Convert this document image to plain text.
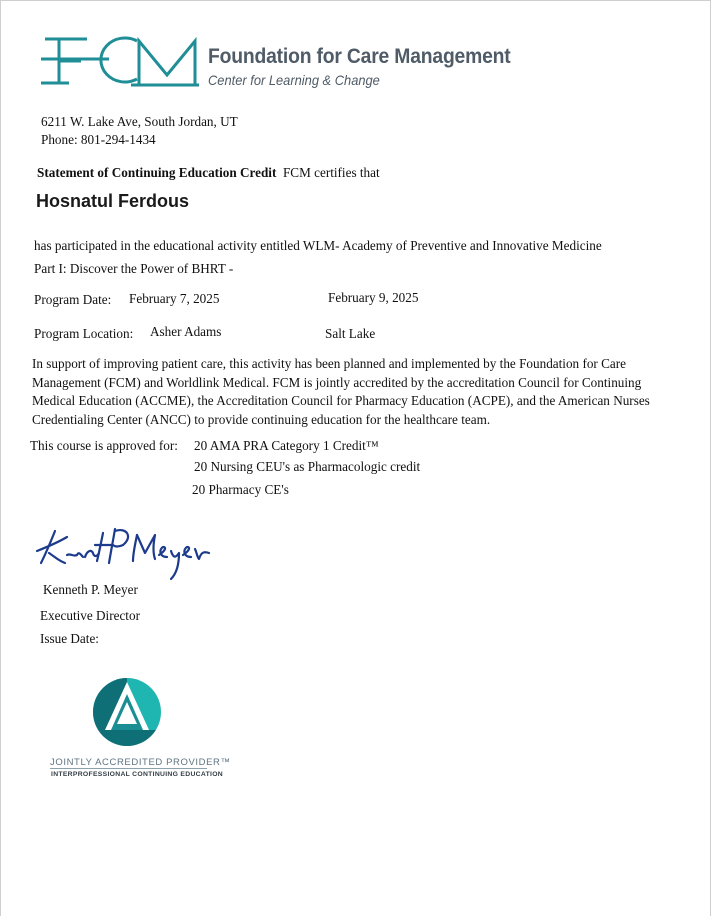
Foundation for Care Management
Center for Learning & Change
6211 W. Lake Ave, South Jordan, UT
Phone: 801-294-1434
Statement of Continuing Education Credit FCM certifies that
Hosnatul Ferdous
has participated in the educational activity entitled WLM- Academy of Preventive and Innovative Medicine
Part I: Discover the Power of BHRT -
Program Date: February 7, 2025	February 9, 2025
Program Location: Asher Adams	Salt Lake
In support of improving patient care, this activity has been planned and implemented by the Foundation for Care Management (FCM) and Worldlink Medical. FCM is jointly accredited by the accreditation Council for Continuing Medical Education (ACCME), the Accreditation Council for Pharmacy Education (ACPE), and the American Nurses Credentialing Center (ANCC) to provide continuing education for the healthcare team.
This course is approved for: 20 AMA PRA Category 1 Credit™
20 Nursing CEU's as Pharmacologic credit
20 Pharmacy CE's
Kenneth P. Meyer
Executive Director
Issue Date:
JOINTLY ACCREDITED PROVIDER™
INTERPROFESSIONAL CONTINUING EDUCATION
